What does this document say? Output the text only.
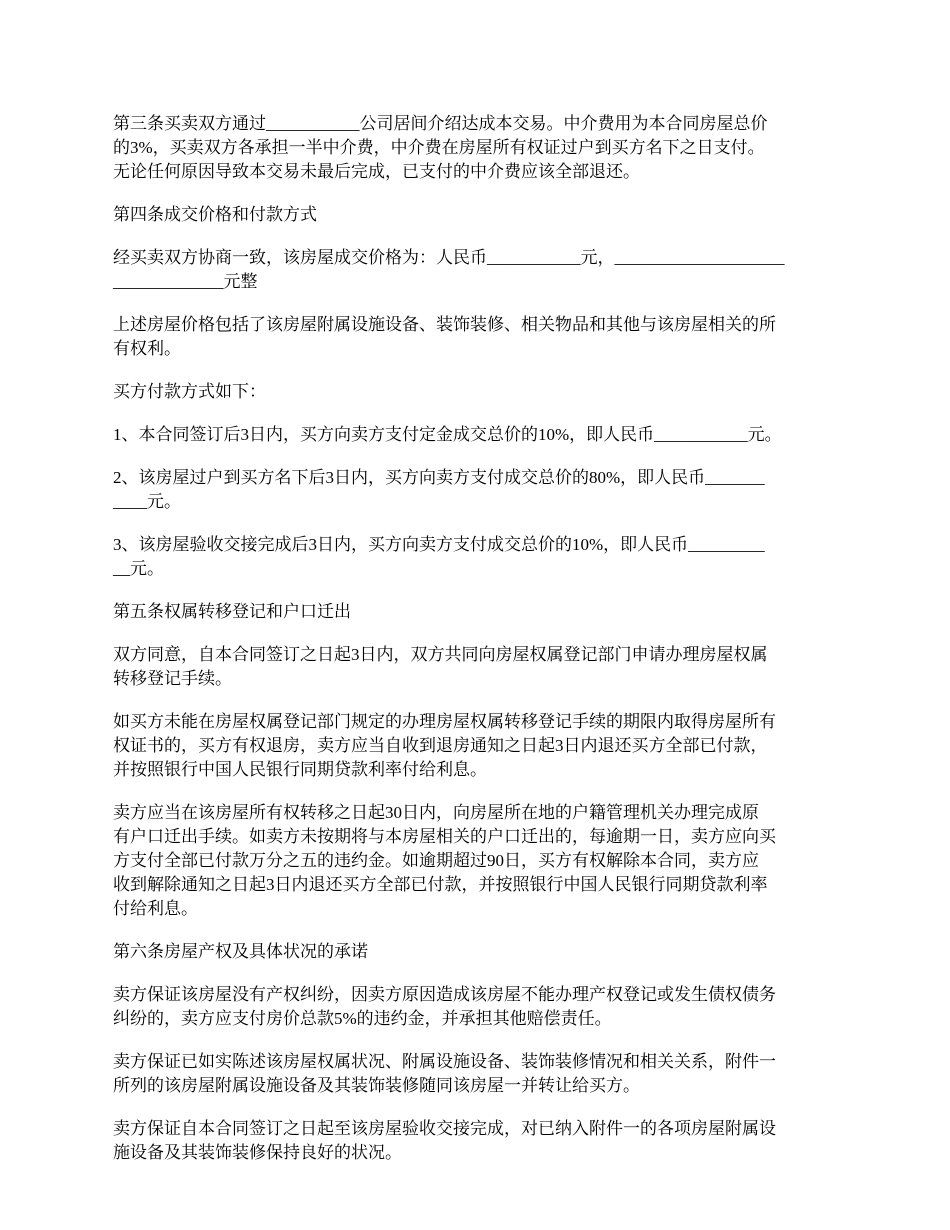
第三条买卖双方通过___________公司居间介绍达成本交易。中介费用为本合同房屋总价
的3%，买卖双方各承担一半中介费，中介费在房屋所有权证过户到买方名下之日支付。
无论任何原因导致本交易未最后完成，已支付的中介费应该全部退还。
第四条成交价格和付款方式
经买卖双方协商一致，该房屋成交价格为：人民币___________元，____________________
_____________元整
上述房屋价格包括了该房屋附属设施设备、装饰装修、相关物品和其他与该房屋相关的所
有权利。
买方付款方式如下：
1、本合同签订后3日内，买方向卖方支付定金成交总价的10%，即人民币___________元。
2、该房屋过户到买方名下后3日内，买方向卖方支付成交总价的80%，即人民币_______
____元。
3、该房屋验收交接完成后3日内，买方向卖方支付成交总价的10%，即人民币_________
__元。
第五条权属转移登记和户口迁出
双方同意，自本合同签订之日起3日内，双方共同向房屋权属登记部门申请办理房屋权属
转移登记手续。
如买方未能在房屋权属登记部门规定的办理房屋权属转移登记手续的期限内取得房屋所有
权证书的，买方有权退房，卖方应当自收到退房通知之日起3日内退还买方全部已付款，
并按照银行中国人民银行同期贷款利率付给利息。
卖方应当在该房屋所有权转移之日起30日内，向房屋所在地的户籍管理机关办理完成原
有户口迁出手续。如卖方未按期将与本房屋相关的户口迁出的，每逾期一日，卖方应向买
方支付全部已付款万分之五的违约金。如逾期超过90日，买方有权解除本合同，卖方应
收到解除通知之日起3日内退还买方全部已付款，并按照银行中国人民银行同期贷款利率
付给利息。
第六条房屋产权及具体状况的承诺
卖方保证该房屋没有产权纠纷，因卖方原因造成该房屋不能办理产权登记或发生债权债务
纠纷的，卖方应支付房价总款5%的违约金，并承担其他赔偿责任。
卖方保证已如实陈述该房屋权属状况、附属设施设备、装饰装修情况和相关关系，附件一
所列的该房屋附属设施设备及其装饰装修随同该房屋一并转让给买方。
卖方保证自本合同签订之日起至该房屋验收交接完成，对已纳入附件一的各项房屋附属设
施设备及其装饰装修保持良好的状况。
